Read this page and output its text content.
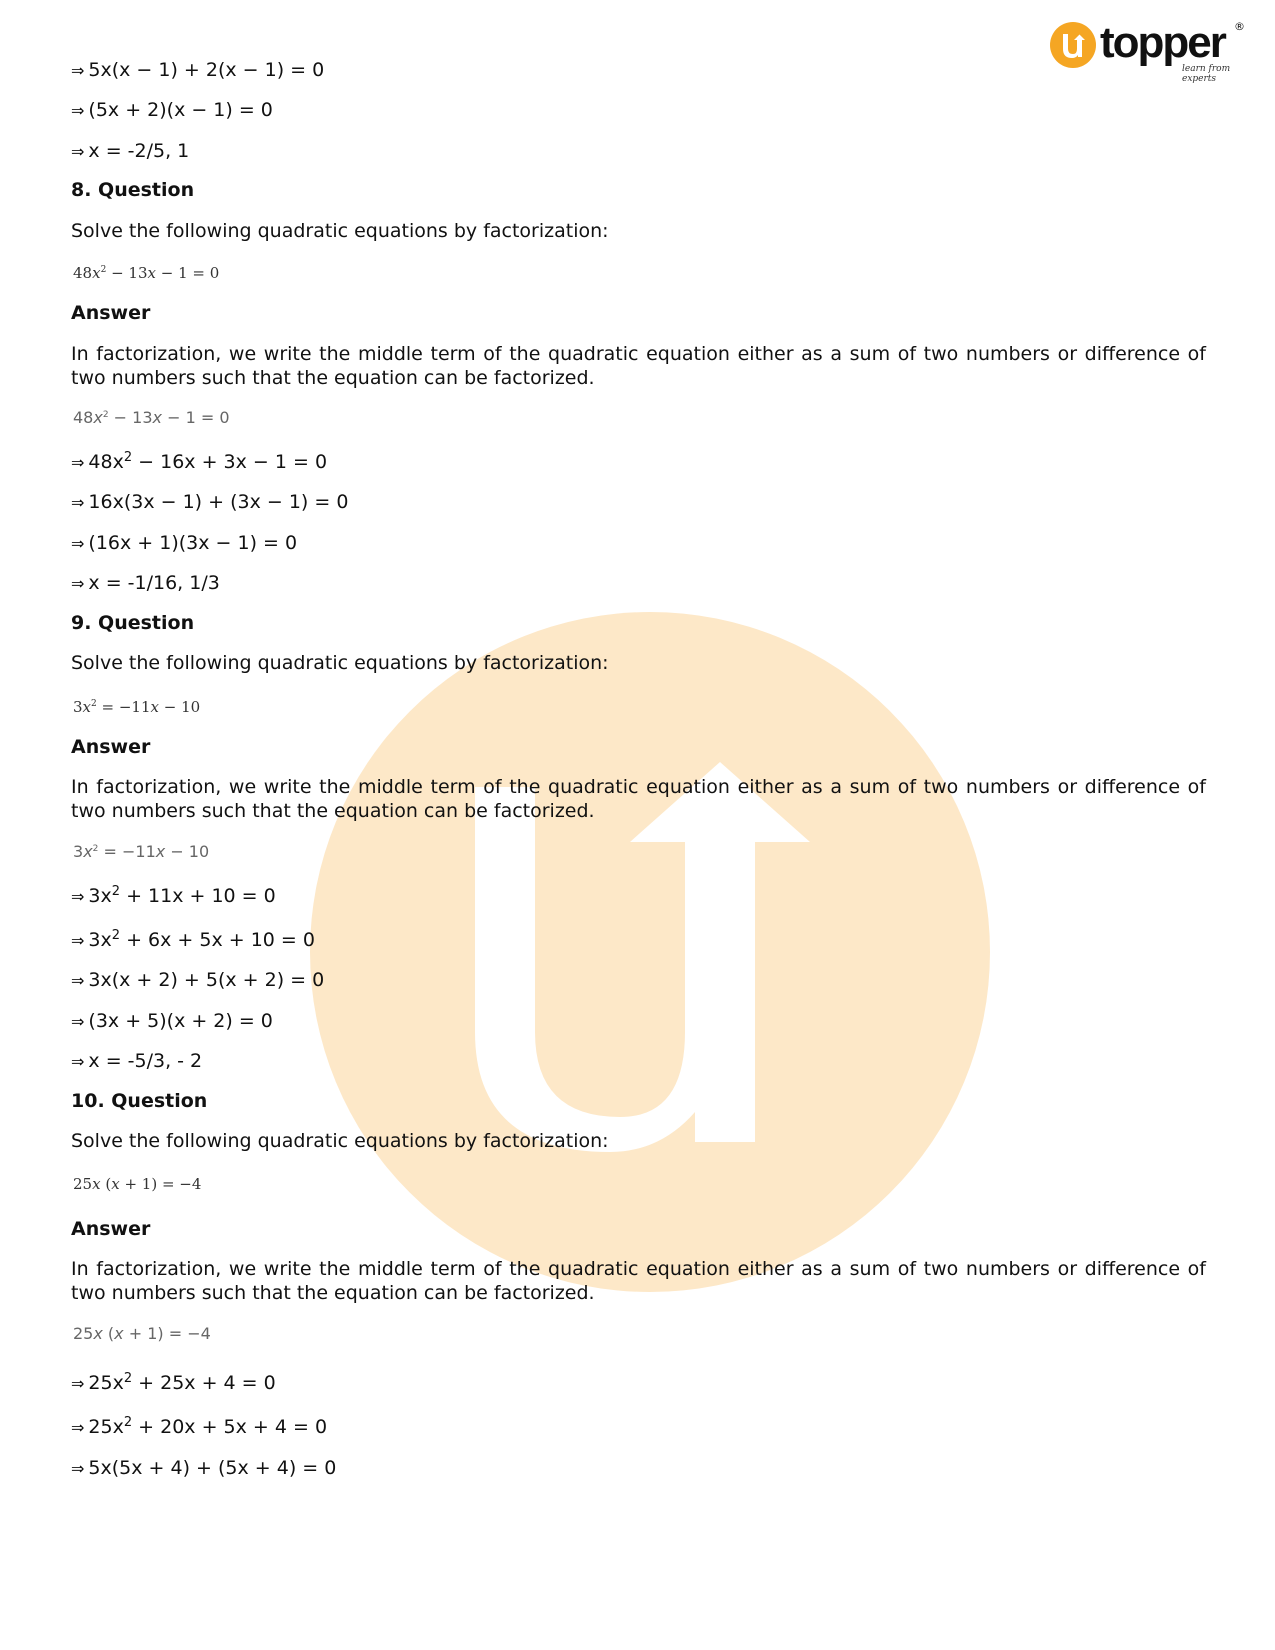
topper
learn from experts
®
⇒ 5x(x − 1) + 2(x − 1) = 0
⇒ (5x + 2)(x − 1) = 0
⇒ x = -2/5, 1
8. Question
Solve the following quadratic equations by factorization:
$48x^2 - 13x - 1 = 0$
Answer
In factorization, we write the middle term of the quadratic equation either as a sum of two numbers or difference of two numbers such that the equation can be factorized.
$48x^2 - 13x - 1 = 0$
⇒ $48x^2 - 16x + 3x - 1 = 0$
⇒ 16x(3x − 1) + (3x − 1) = 0
⇒ (16x + 1)(3x − 1) = 0
⇒ x = -1/16, 1/3
9. Question
Solve the following quadratic equations by factorization:
$3x^2 = -11x - 10$
Answer
In factorization, we write the middle term of the quadratic equation either as a sum of two numbers or difference of two numbers such that the equation can be factorized.
$3x^2 = -11x - 10$
⇒ $3x^2 + 11x + 10 = 0$
⇒ $3x^2 + 6x + 5x + 10 = 0$
⇒ 3x(x + 2) + 5(x + 2) = 0
⇒ (3x + 5)(x + 2) = 0
⇒ x = -5/3, - 2
10. Question
Solve the following quadratic equations by factorization:
25x (x + 1) = −4
Answer
In factorization, we write the middle term of the quadratic equation either as a sum of two numbers or difference of two numbers such that the equation can be factorized.
25x (x + 1) = −4
⇒ $25x^2 + 25x + 4 = 0$
⇒ $25x^2 + 20x + 5x + 4 = 0$
⇒ 5x(5x + 4) + (5x + 4) = 0
